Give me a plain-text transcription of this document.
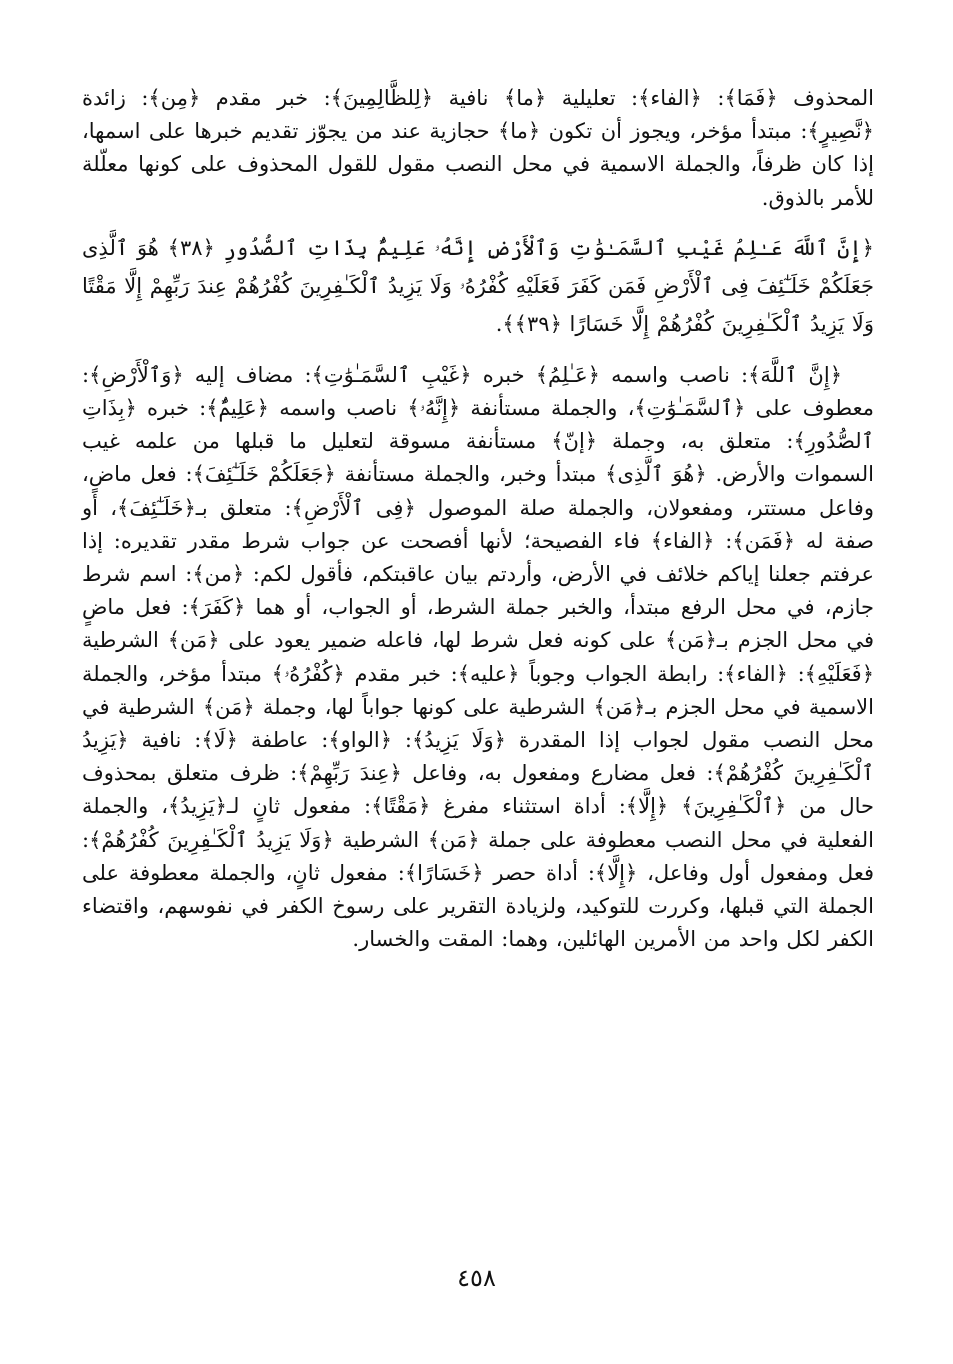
المحذوف ﴿فَمَا﴾: ﴿الفاء﴾: تعليلية ﴿ما﴾ نافية ﴿لِلظَّالِمِينَ﴾: خبر مقدم ﴿مِن﴾: زائدة ﴿نَّصِيرٍ﴾: مبتدأ مؤخر، ويجوز أن تكون ﴿ما﴾ حجازية عند من يجوّز تقديم خبرها على اسمها، إذا كان ظرفاً، والجملة الاسمية في محل النصب مقول للقول المحذوف على كونها معلّلة للأمر بالذوق.

﴿إِنَّ ٱللَّهَ عَـٰلِمُ غَيْبِ ٱلسَّمَـٰوَٰتِ وَٱلْأَرْضِ إِنَّهُۥ عَلِيمٌۢ بِذَاتِ ٱلصُّدُورِ ﴿٣٨﴾ هُوَ ٱلَّذِى جَعَلَكُمْ خَلَـٰٓئِفَ فِى ٱلْأَرْضِ فَمَن كَفَرَ فَعَلَيْهِ كُفْرُهُۥ وَلَا يَزِيدُ ٱلْكَـٰفِرِينَ كُفْرُهُمْ عِندَ رَبِّهِمْ إِلَّا مَقْتًا وَلَا يَزِيدُ ٱلْكَـٰفِرِينَ كُفْرُهُمْ إِلَّا خَسَارًا ﴿٣٩﴾﴾.

﴿إِنَّ ٱللَّهَ﴾: ناصب واسمه ﴿عَـٰلِمُ﴾ خبره ﴿غَيْبِ ٱلسَّمَـٰوَٰتِ﴾: مضاف إليه ﴿وَٱلْأَرْضِ﴾: معطوف على ﴿ٱلسَّمَـٰوَٰتِ﴾، والجملة مستأنفة ﴿إِنَّهُۥ﴾ ناصب واسمه ﴿عَلِيمٌۢ﴾: خبره ﴿بِذَاتِ ٱلصُّدُورِ﴾: متعلق به، وجملة ﴿إنّ﴾ مستأنفة مسوقة لتعليل ما قبلها من علمه غيب السموات والأرض. ﴿هُوَ ٱلَّذِى﴾ مبتدأ وخبر، والجملة مستأنفة ﴿جَعَلَكُمْ خَلَـٰٓئِفَ﴾: فعل ماضٍ، وفاعل مستتر، ومفعولان، والجملة صلة الموصول ﴿فِى ٱلْأَرْضِ﴾: متعلق بـ﴿خَلَـٰٓئِفَ﴾، أو صفة له ﴿فَمَن﴾: ﴿الفاء﴾ فاء الفصيحة؛ لأنها أفصحت عن جواب شرط مقدر تقديره: إذا عرفتم جعلنا إياكم خلائف في الأرض، وأردتم بيان عاقبتكم، فأقول لكم: ﴿من﴾: اسم شرط جازم، في محل الرفع مبتدأ، والخبر جملة الشرط، أو الجواب، أو هما ﴿كَفَرَ﴾: فعل ماضٍ في محل الجزم بـ﴿مَن﴾ على كونه فعل شرط لها، فاعله ضمير يعود على ﴿مَن﴾ الشرطية ﴿فَعَلَيْهِ﴾: ﴿الفاء﴾: رابطة الجواب وجوباً ﴿عليه﴾: خبر مقدم ﴿كُفْرُهُۥ﴾ مبتدأ مؤخر، والجملة الاسمية في محل الجزم بـ﴿مَن﴾ الشرطية على كونها جواباً لها، وجملة ﴿مَن﴾ الشرطية في محل النصب مقول لجواب إذا المقدرة ﴿وَلَا يَزِيدُ﴾: ﴿الواو﴾: عاطفة ﴿لَا﴾: نافية ﴿يَزِيدُ ٱلْكَـٰفِرِينَ كُفْرُهُمْ﴾: فعل مضارع ومفعول به، وفاعل ﴿عِندَ رَبِّهِمْ﴾: ظرف متعلق بمحذوف حال من ﴿ٱلْكَـٰفِرِينَ﴾ ﴿إِلَّا﴾: أداة استثناء مفرغ ﴿مَقْتًا﴾: مفعول ثانٍ لـ﴿يَزِيدُ﴾، والجملة الفعلية في محل النصب معطوفة على جملة ﴿مَن﴾ الشرطية ﴿وَلَا يَزِيدُ ٱلْكَـٰفِرِينَ كُفْرُهُمْ﴾: فعل ومفعول أول وفاعل، ﴿إِلَّا﴾: أداة حصر ﴿خَسَارًا﴾: مفعول ثانٍ، والجملة معطوفة على الجملة التي قبلها، وكررت للتوكيد، ولزيادة التقرير على رسوخ الكفر في نفوسهم، واقتضاء الكفر لكل واحد من الأمرين الهائلين، وهما: المقت والخسار.

٤٥٨
